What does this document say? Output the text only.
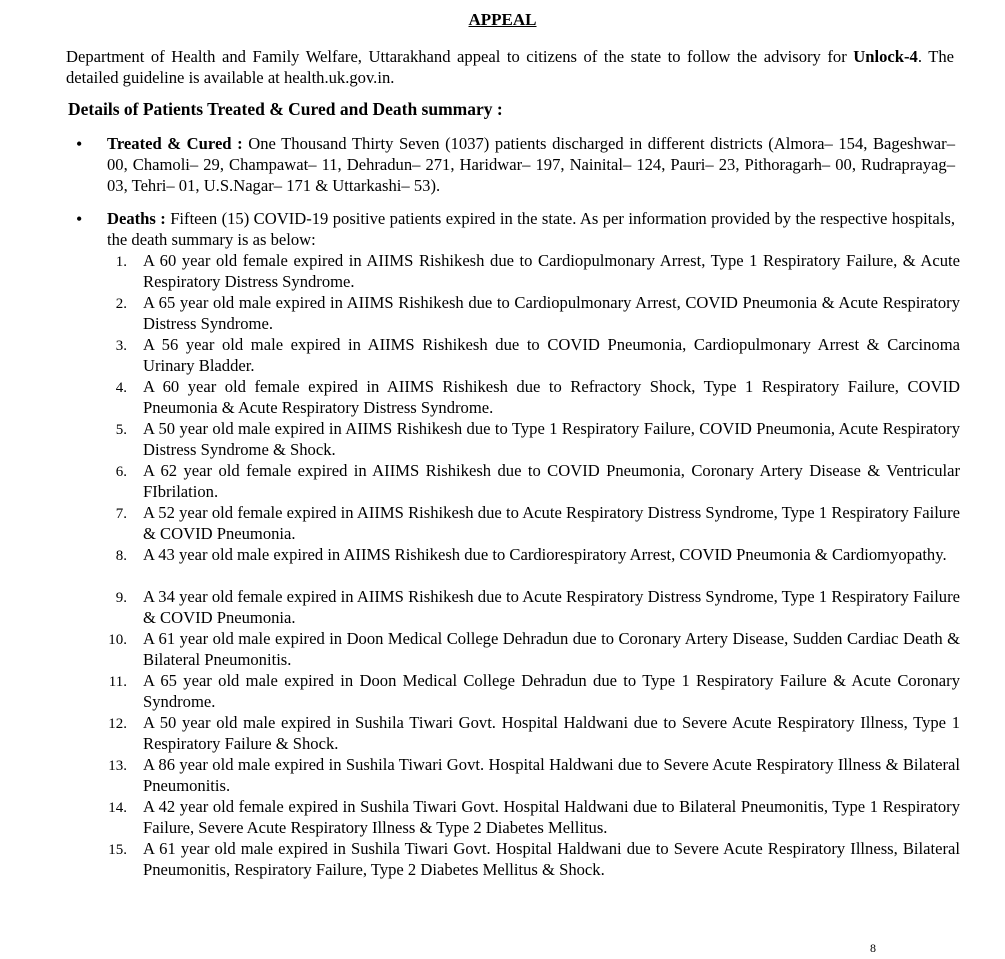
APPEAL
Department of Health and Family Welfare, Uttarakhand appeal to citizens of the state to follow the advisory for Unlock-4. The detailed guideline is available at health.uk.gov.in.
Details of Patients Treated & Cured and Death summary :
• Treated & Cured : One Thousand Thirty Seven (1037) patients discharged in different districts (Almora– 154, Bageshwar– 00, Chamoli– 29, Champawat– 11, Dehradun– 271, Haridwar– 197, Nainital– 124, Pauri– 23, Pithoragarh– 00, Rudraprayag– 03, Tehri– 01, U.S.Nagar– 171 & Uttarkashi– 53).
• Deaths : Fifteen (15) COVID-19 positive patients expired in the state. As per information provided by the respective hospitals, the death summary is as below:
1. A 60 year old female expired in AIIMS Rishikesh due to Cardiopulmonary Arrest, Type 1 Respiratory Failure, & Acute Respiratory Distress Syndrome.
2. A 65 year old male expired in AIIMS Rishikesh due to Cardiopulmonary Arrest, COVID Pneumonia & Acute Respiratory Distress Syndrome.
3. A 56 year old male expired in AIIMS Rishikesh due to COVID Pneumonia, Cardiopulmonary Arrest & Carcinoma Urinary Bladder.
4. A 60 year old female expired in AIIMS Rishikesh due to Refractory Shock, Type 1 Respiratory Failure, COVID Pneumonia & Acute Respiratory Distress Syndrome.
5. A 50 year old male expired in AIIMS Rishikesh due to Type 1 Respiratory Failure, COVID Pneumonia, Acute Respiratory Distress Syndrome & Shock.
6. A 62 year old female expired in AIIMS Rishikesh due to COVID Pneumonia, Coronary Artery Disease & Ventricular FIbrilation.
7. A 52 year old female expired in AIIMS Rishikesh due to Acute Respiratory Distress Syndrome, Type 1 Respiratory Failure & COVID Pneumonia.
8. A 43 year old male expired in AIIMS Rishikesh due to Cardiorespiratory Arrest, COVID Pneumonia & Cardiomyopathy.
9. A 34 year old female expired in AIIMS Rishikesh due to Acute Respiratory Distress Syndrome, Type 1 Respiratory Failure & COVID Pneumonia.
10. A 61 year old male expired in Doon Medical College Dehradun due to Coronary Artery Disease, Sudden Cardiac Death & Bilateral Pneumonitis.
11. A 65 year old male expired in Doon Medical College Dehradun due to Type 1 Respiratory Failure & Acute Coronary Syndrome.
12. A 50 year old male expired in Sushila Tiwari Govt. Hospital Haldwani due to Severe Acute Respiratory Illness, Type 1 Respiratory Failure & Shock.
13. A 86 year old male expired in Sushila Tiwari Govt. Hospital Haldwani due to Severe Acute Respiratory Illness & Bilateral Pneumonitis.
14. A 42 year old female expired in Sushila Tiwari Govt. Hospital Haldwani due to Bilateral Pneumonitis, Type 1 Respiratory Failure, Severe Acute Respiratory Illness & Type 2 Diabetes Mellitus.
15. A 61 year old male expired in Sushila Tiwari Govt. Hospital Haldwani due to Severe Acute Respiratory Illness, Bilateral Pneumonitis, Respiratory Failure, Type 2 Diabetes Mellitus & Shock.
8
